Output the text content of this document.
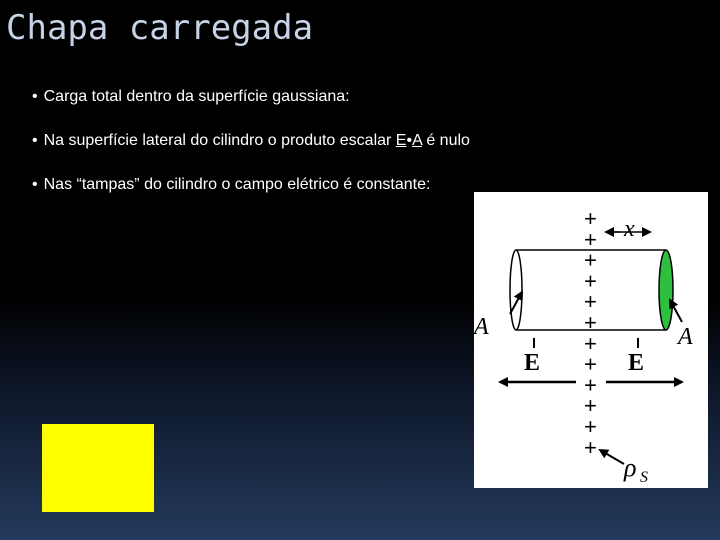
Chapa carregada
• Carga total dentro da superfície gaussiana:
• Na superfície lateral do cilindro o produto escalar E•A é nulo
• Nas “tampas” do cilindro o campo elétrico é constante:
+
+
+
+
+
+
+
+
+
+
+
+
x
A	A
E	E
ρ S
